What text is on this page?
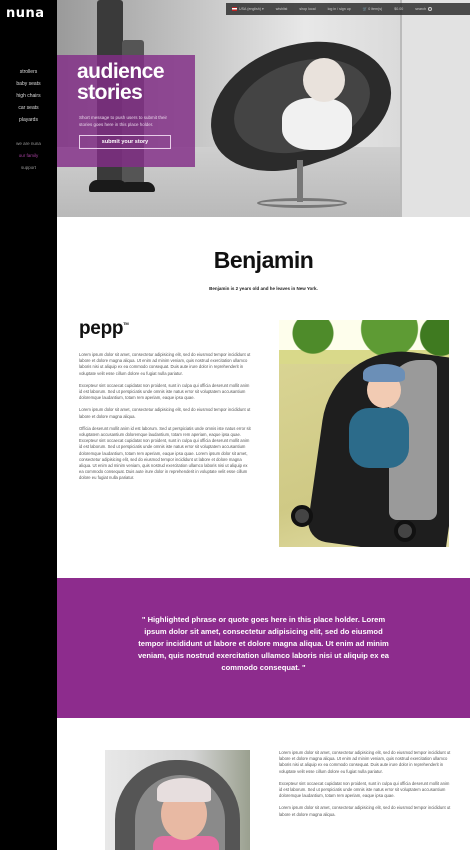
nuna
strollers
baby seats
high chairs
car seats
playards
we are nuna
our family
support
audience
stories

Short message to push users to submit their stories goes here in this place holder.

submit your story
USA (english) ▾	wishlist	shop local	log in / sign up	🛒 0 item(s)	$0.00	search
Benjamin
Benjamin is 2 years old and he leaves in New York.
pepp™

Lorem ipsum dolor sit amet, consectetur adipisicing elit, sed do eiusmod tempor incididunt ut labore et dolore magna aliqua. Ut enim ad minim veniam, quis nostrud exercitation ullamco laboris nisi ut aliquip ex ea commodo consequat. Duis aute irure dolor in reprehenderit in voluptate velit esse cillum dolore eu fugiat nulla pariatur.

Excepteur sint occaecat cupidatat non proident, sunt in culpa qui officia deserunt mollit anim id est laborum. Sed ut perspiciatis unde omnis iste natus error sit voluptatem accusantium doloremque laudantium, totam rem aperiam, eaque ipsa quae.

Lorem ipsum dolor sit amet, consectetur adipisicing elit, sed do eiusmod tempor incididunt ut labore et dolore magna aliqua.

Officia deserunt mollit anim id est laborum. Sed ut perspiciatis unde omnis iste natus error sit voluptatem accusantium doloremque laudantium, totam rem aperiam, eaque ipsa quae. Excepteur sint occaecat cupidatat non proident, sunt in culpa qui officia deserunt mollit anim id est laborum. Sed ut perspiciatis unde omnis iste natus error sit voluptatem accusantium doloremque laudantium, totam rem aperiam, eaque ipsa quae. Lorem ipsum dolor sit amet, consectetur adipisicing elit, sed do eiusmod tempor incididunt ut labore et dolore magna aliqua. Ut enim ad minim veniam, quis nostrud exercitation ullamco laboris nisi ut aliquip ex ea commodo consequat. Duis aute irure dolor in reprehenderit in voluptate velit esse cillum dolore eu fugiat nulla pariatur.

" Highlighted phrase or quote goes here in this place holder. Lorem ipsum dolor sit amet, consectetur adipisicing elit, sed do eiusmod tempor incididunt ut labore et dolore magna aliqua. Ut enim ad minim veniam, quis nostrud exercitation ullamco laboris nisi ut aliquip ex ea commodo consequat. "

Lorem ipsum dolor sit amet, consectetur adipisicing elit, sed do eiusmod tempor incididunt ut labore et dolore magna aliqua. Ut enim ad minim veniam, quis nostrud exercitation ullamco laboris nisi ut aliquip ex ea commodo consequat. Duis aute irure dolor in reprehenderit in voluptate velit esse cillum dolore eu fugiat nulla pariatur.

Excepteur sint occaecat cupidatat non proident, sunt in culpa qui officia deserunt mollit anim id est laborum. Sed ut perspiciatis unde omnis iste natus error sit voluptatem accusantium doloremque laudantium, totam rem aperiam, eaque ipsa quae.

Lorem ipsum dolor sit amet, consectetur adipisicing elit, sed do eiusmod tempor incididunt ut labore et dolore magna aliqua.
